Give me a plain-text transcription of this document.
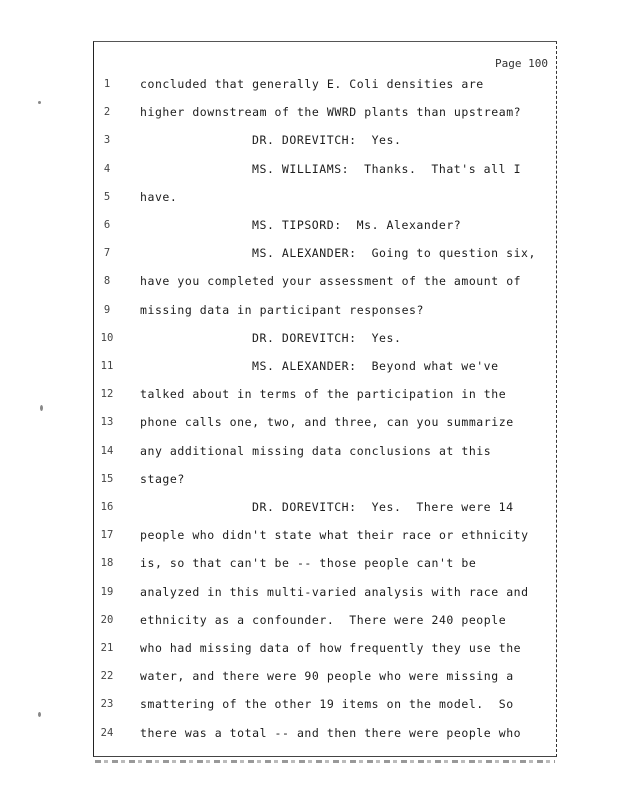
Page 100
1	concluded that generally E. Coli densities are
2	higher downstream of the WWRD plants than upstream?
3	DR. DOREVITCH:  Yes.
4	MS. WILLIAMS:  Thanks.  That's all I
5	have.
6	MS. TIPSORD:  Ms. Alexander?
7	MS. ALEXANDER:  Going to question six,
8	have you completed your assessment of the amount of
9	missing data in participant responses?
10	DR. DOREVITCH:  Yes.
11	MS. ALEXANDER:  Beyond what we've
12	talked about in terms of the participation in the
13	phone calls one, two, and three, can you summarize
14	any additional missing data conclusions at this
15	stage?
16	DR. DOREVITCH:  Yes.  There were 14
17	people who didn't state what their race or ethnicity
18	is, so that can't be -- those people can't be
19	analyzed in this multi-varied analysis with race and
20	ethnicity as a confounder.  There were 240 people
21	who had missing data of how frequently they use the
22	water, and there were 90 people who were missing a
23	smattering of the other 19 items on the model.  So
24	there was a total -- and then there were people who
